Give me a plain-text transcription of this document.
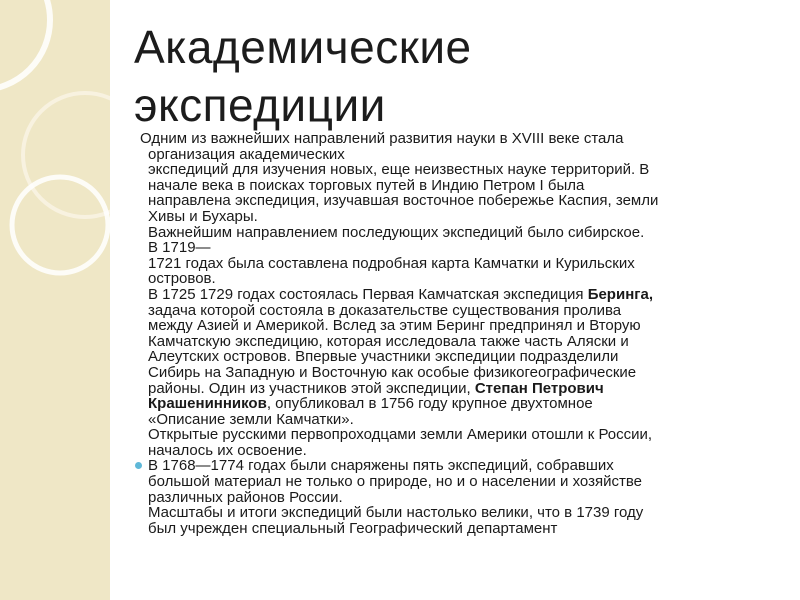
Академические
экспедиции
Одним из важнейших направлений развития науки в XVIII веке стала
организация академических
экспедиций для изучения новых, еще неизвестных науке территорий. В
начале века в поисках торговых путей в Индию Петром I была
направлена экспедиция, изучавшая восточное побережье Каспия, земли
Хивы и Бухары.
Важнейшим направлением последующих экспедиций было сибирское.
В 1719—
1721 годах была составлена подробная карта Камчатки и Курильских
островов.
В 1725 1729 годах состоялась Первая Камчатская экспедиция Беринга,
задача которой состояла в доказательстве существования пролива
между Азией и Америкой. Вслед за этим Беринг предпринял и Вторую
Камчатскую экспедицию, которая исследовала также часть Аляски и
Алеутских островов. Впервые участники экспедиции подразделили
Сибирь на Западную и Восточную как особые физикогеографические
районы. Один из участников этой экспедиции, Степан Петрович
Крашенинников, опубликовал в 1756 году крупное двухтомное
«Описание земли Камчатки».
Открытые русскими первопроходцами земли Америки отошли к России,
началось их освоение.
В 1768—1774 годах были снаряжены пять экспедиций, собравших
большой материал не только о природе, но и о населении и хозяйстве
различных районов России.
Масштабы и итоги экспедиций были настолько велики, что в 1739 году
был учрежден специальный Географический департамент
